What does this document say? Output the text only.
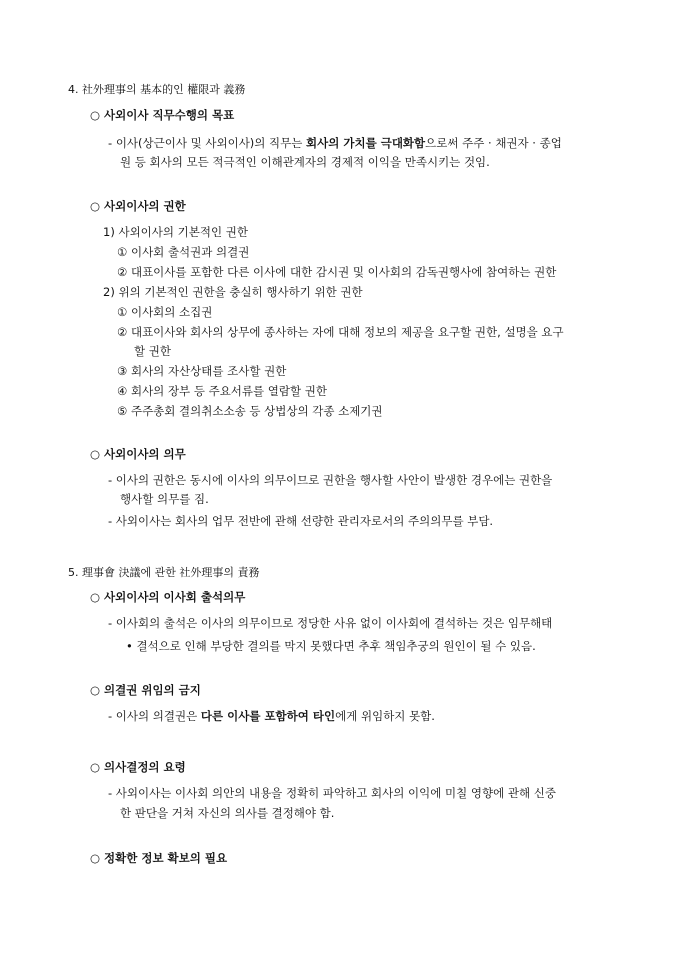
4. 社外理事의 基本的인 權限과 義務
○ 사외이사 직무수행의 목표
- 이사(상근이사 및 사외이사)의 직무는 회사의 가치를 극대화함으로써 주주 · 채권자 · 종업
원 등 회사의 모든 적극적인 이해관계자의 경제적 이익을 만족시키는 것임.
○ 사외이사의 권한
1) 사외이사의 기본적인 권한
① 이사회 출석권과 의결권
② 대표이사를 포함한 다른 이사에 대한 감시권 및 이사회의 감독권행사에 참여하는 권한
2) 위의 기본적인 권한을 충실히 행사하기 위한 권한
① 이사회의 소집권
② 대표이사와 회사의 상무에 종사하는 자에 대해 정보의 제공을 요구할 권한, 설명을 요구
할 권한
③ 회사의 자산상태를 조사할 권한
④ 회사의 장부 등 주요서류를 열람할 권한
⑤ 주주총회 결의취소소송 등 상법상의 각종 소제기권
○ 사외이사의 의무
- 이사의 권한은 동시에 이사의 의무이므로 권한을 행사할 사안이 발생한 경우에는 권한을
행사할 의무를 짐.
- 사외이사는 회사의 업무 전반에 관해 선량한 관리자로서의 주의의무를 부담.
5. 理事會 決議에 관한 社外理事의 責務
○ 사외이사의 이사회 출석의무
- 이사회의 출석은 이사의 의무이므로 정당한 사유 없이 이사회에 결석하는 것은 임무해태
• 결석으로 인해 부당한 결의를 막지 못했다면 추후 책임추궁의 원인이 될 수 있음.
○ 의결권 위임의 금지
- 이사의 의결권은 다른 이사를 포함하여 타인에게 위임하지 못함.
○ 의사결정의 요령
- 사외이사는 이사회 의안의 내용을 정확히 파악하고 회사의 이익에 미칠 영향에 관해 신중
한 판단을 거쳐 자신의 의사를 결정해야 함.
○ 정확한 정보 확보의 필요
